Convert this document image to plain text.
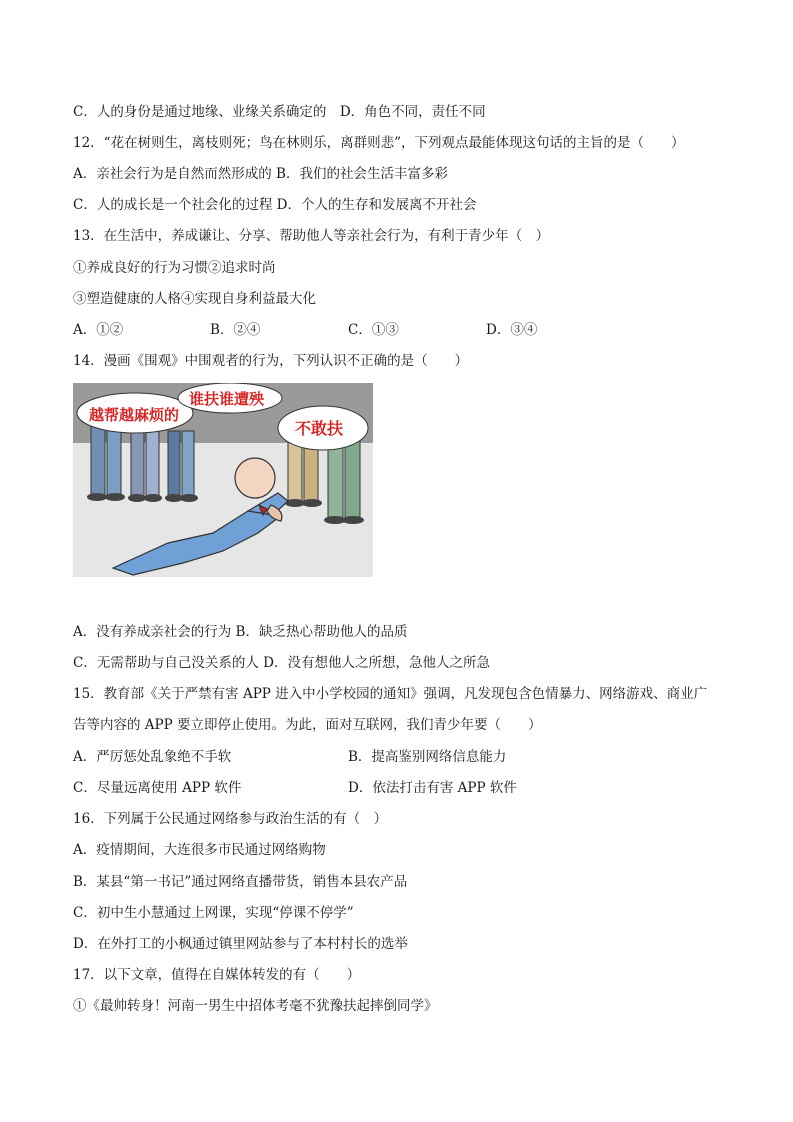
C．人的身份是通过地缘、业缘关系确定的　D．角色不同，责任不同
12．“花在树则生，离枝则死；鸟在林则乐，离群则悲”，下列观点最能体现这句话的主旨的是（　　）
A．亲社会行为是自然而然形成的 B．我们的社会生活丰富多彩
C．人的成长是一个社会化的过程 D．个人的生存和发展离不开社会
13．在生活中，养成谦让、分享、帮助他人等亲社会行为，有利于青少年（　）
①养成良好的行为习惯②追求时尚
③塑造健康的人格④实现自身利益最大化
A．①②	B．②④	C．①③	D．③④
14．漫画《围观》中围观者的行为，下列认识不正确的是（　　）
越帮越麻烦的
谁扶谁遭殃
不敢扶
A．没有养成亲社会的行为 B．缺乏热心帮助他人的品质
C．无需帮助与自己没关系的人 D．没有想他人之所想，急他人之所急
15．教育部《关于严禁有害 APP 进入中小学校园的通知》强调，凡发现包含色情暴力、网络游戏、商业广
告等内容的 APP 要立即停止使用。为此，面对互联网，我们青少年要（　　）
A．严厉惩处乱象绝不手软	B．提高鉴别网络信息能力
C．尽量远离使用 APP 软件	D．依法打击有害 APP 软件
16．下列属于公民通过网络参与政治生活的有（　）
A．疫情期间，大连很多市民通过网络购物
B．某县“第一书记”通过网络直播带货，销售本县农产品
C．初中生小慧通过上网课，实现“停课不停学”
D．在外打工的小枫通过镇里网站参与了本村村长的选举
17．以下文章，值得在自媒体转发的有（　　）
①《最帅转身！河南一男生中招体考毫不犹豫扶起摔倒同学》
